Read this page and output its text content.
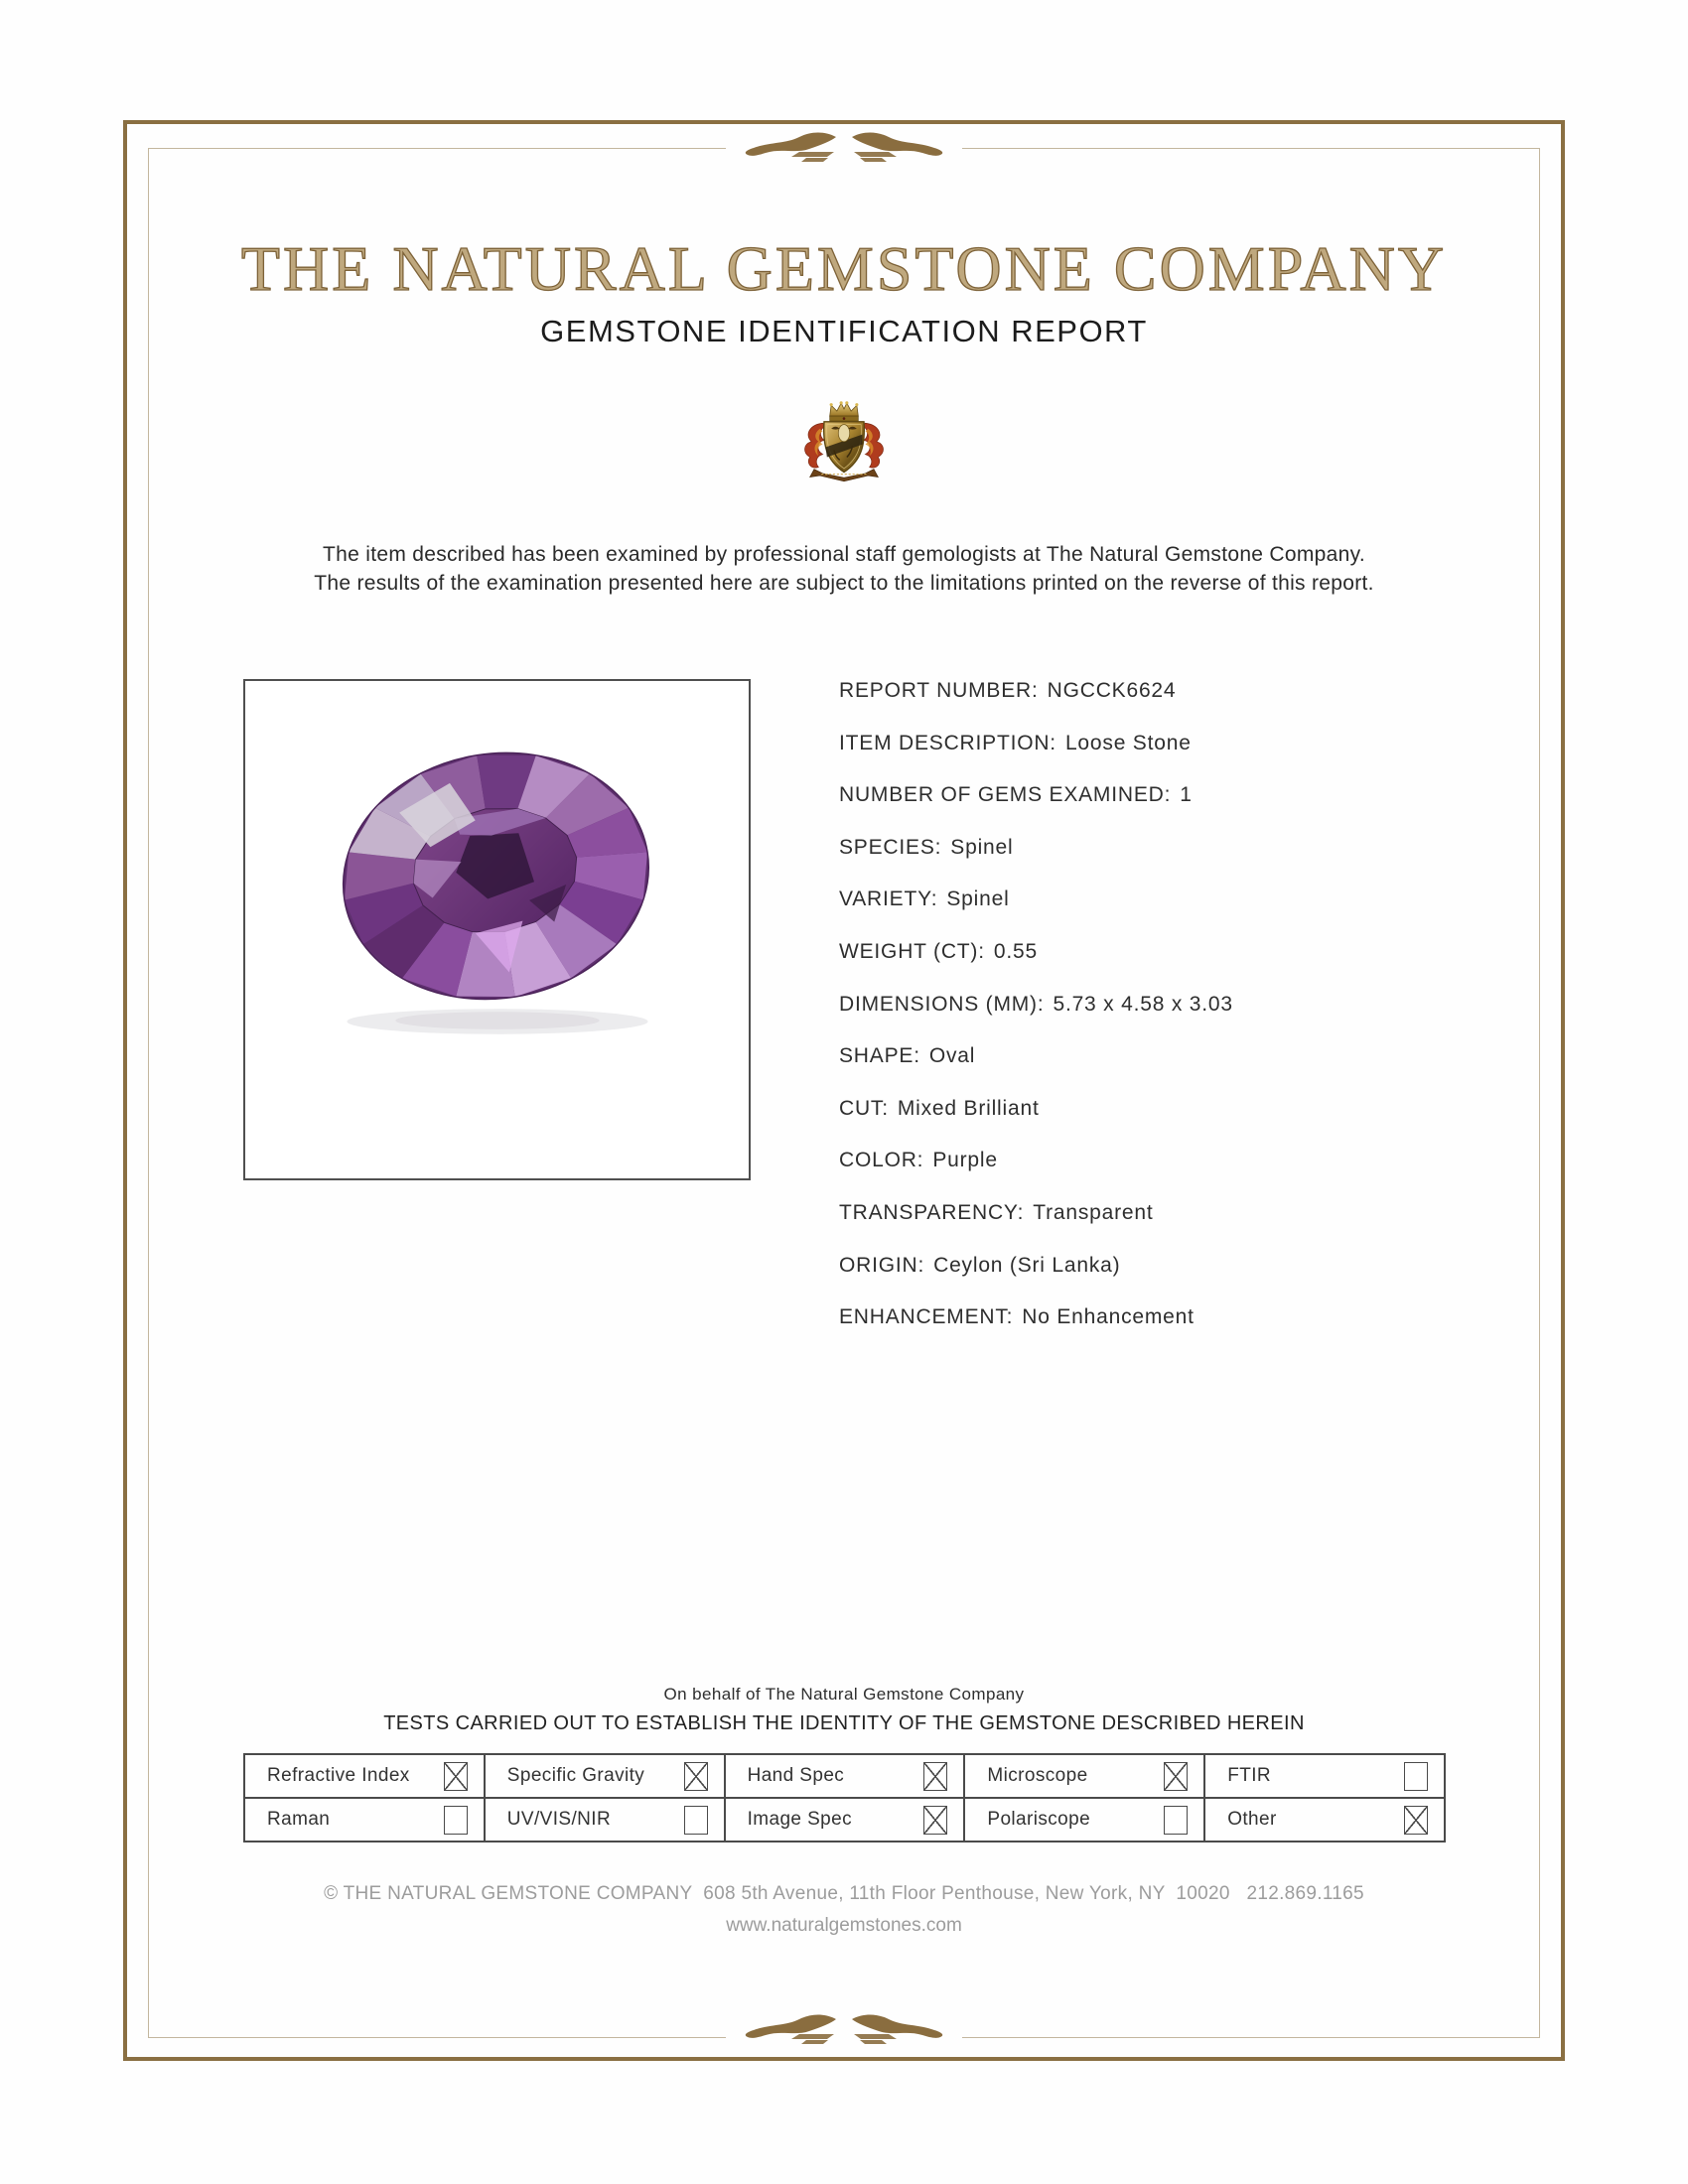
THE NATURAL GEMSTONE COMPANY
GEMSTONE IDENTIFICATION REPORT
The item described has been examined by professional staff gemologists at The Natural Gemstone Company.
The results of the examination presented here are subject to the limitations printed on the reverse of this report.
REPORT NUMBER: NGCCK6624
ITEM DESCRIPTION: Loose Stone
NUMBER OF GEMS EXAMINED: 1
SPECIES: Spinel
VARIETY: Spinel
WEIGHT (CT): 0.55
DIMENSIONS (MM): 5.73 x 4.58 x 3.03
SHAPE: Oval
CUT: Mixed Brilliant
COLOR: Purple
TRANSPARENCY: Transparent
ORIGIN: Ceylon (Sri Lanka)
ENHANCEMENT: No Enhancement
On behalf of The Natural Gemstone Company
TESTS CARRIED OUT TO ESTABLISH THE IDENTITY OF THE GEMSTONE DESCRIBED HEREIN
Refractive Index	Specific Gravity	Hand Spec	Microscope	FTIR
Raman	UV/VIS/NIR	Image Spec	Polariscope	Other
© THE NATURAL GEMSTONE COMPANY  608 5th Avenue, 11th Floor Penthouse, New York, NY  10020   212.869.1165
www.naturalgemstones.com
